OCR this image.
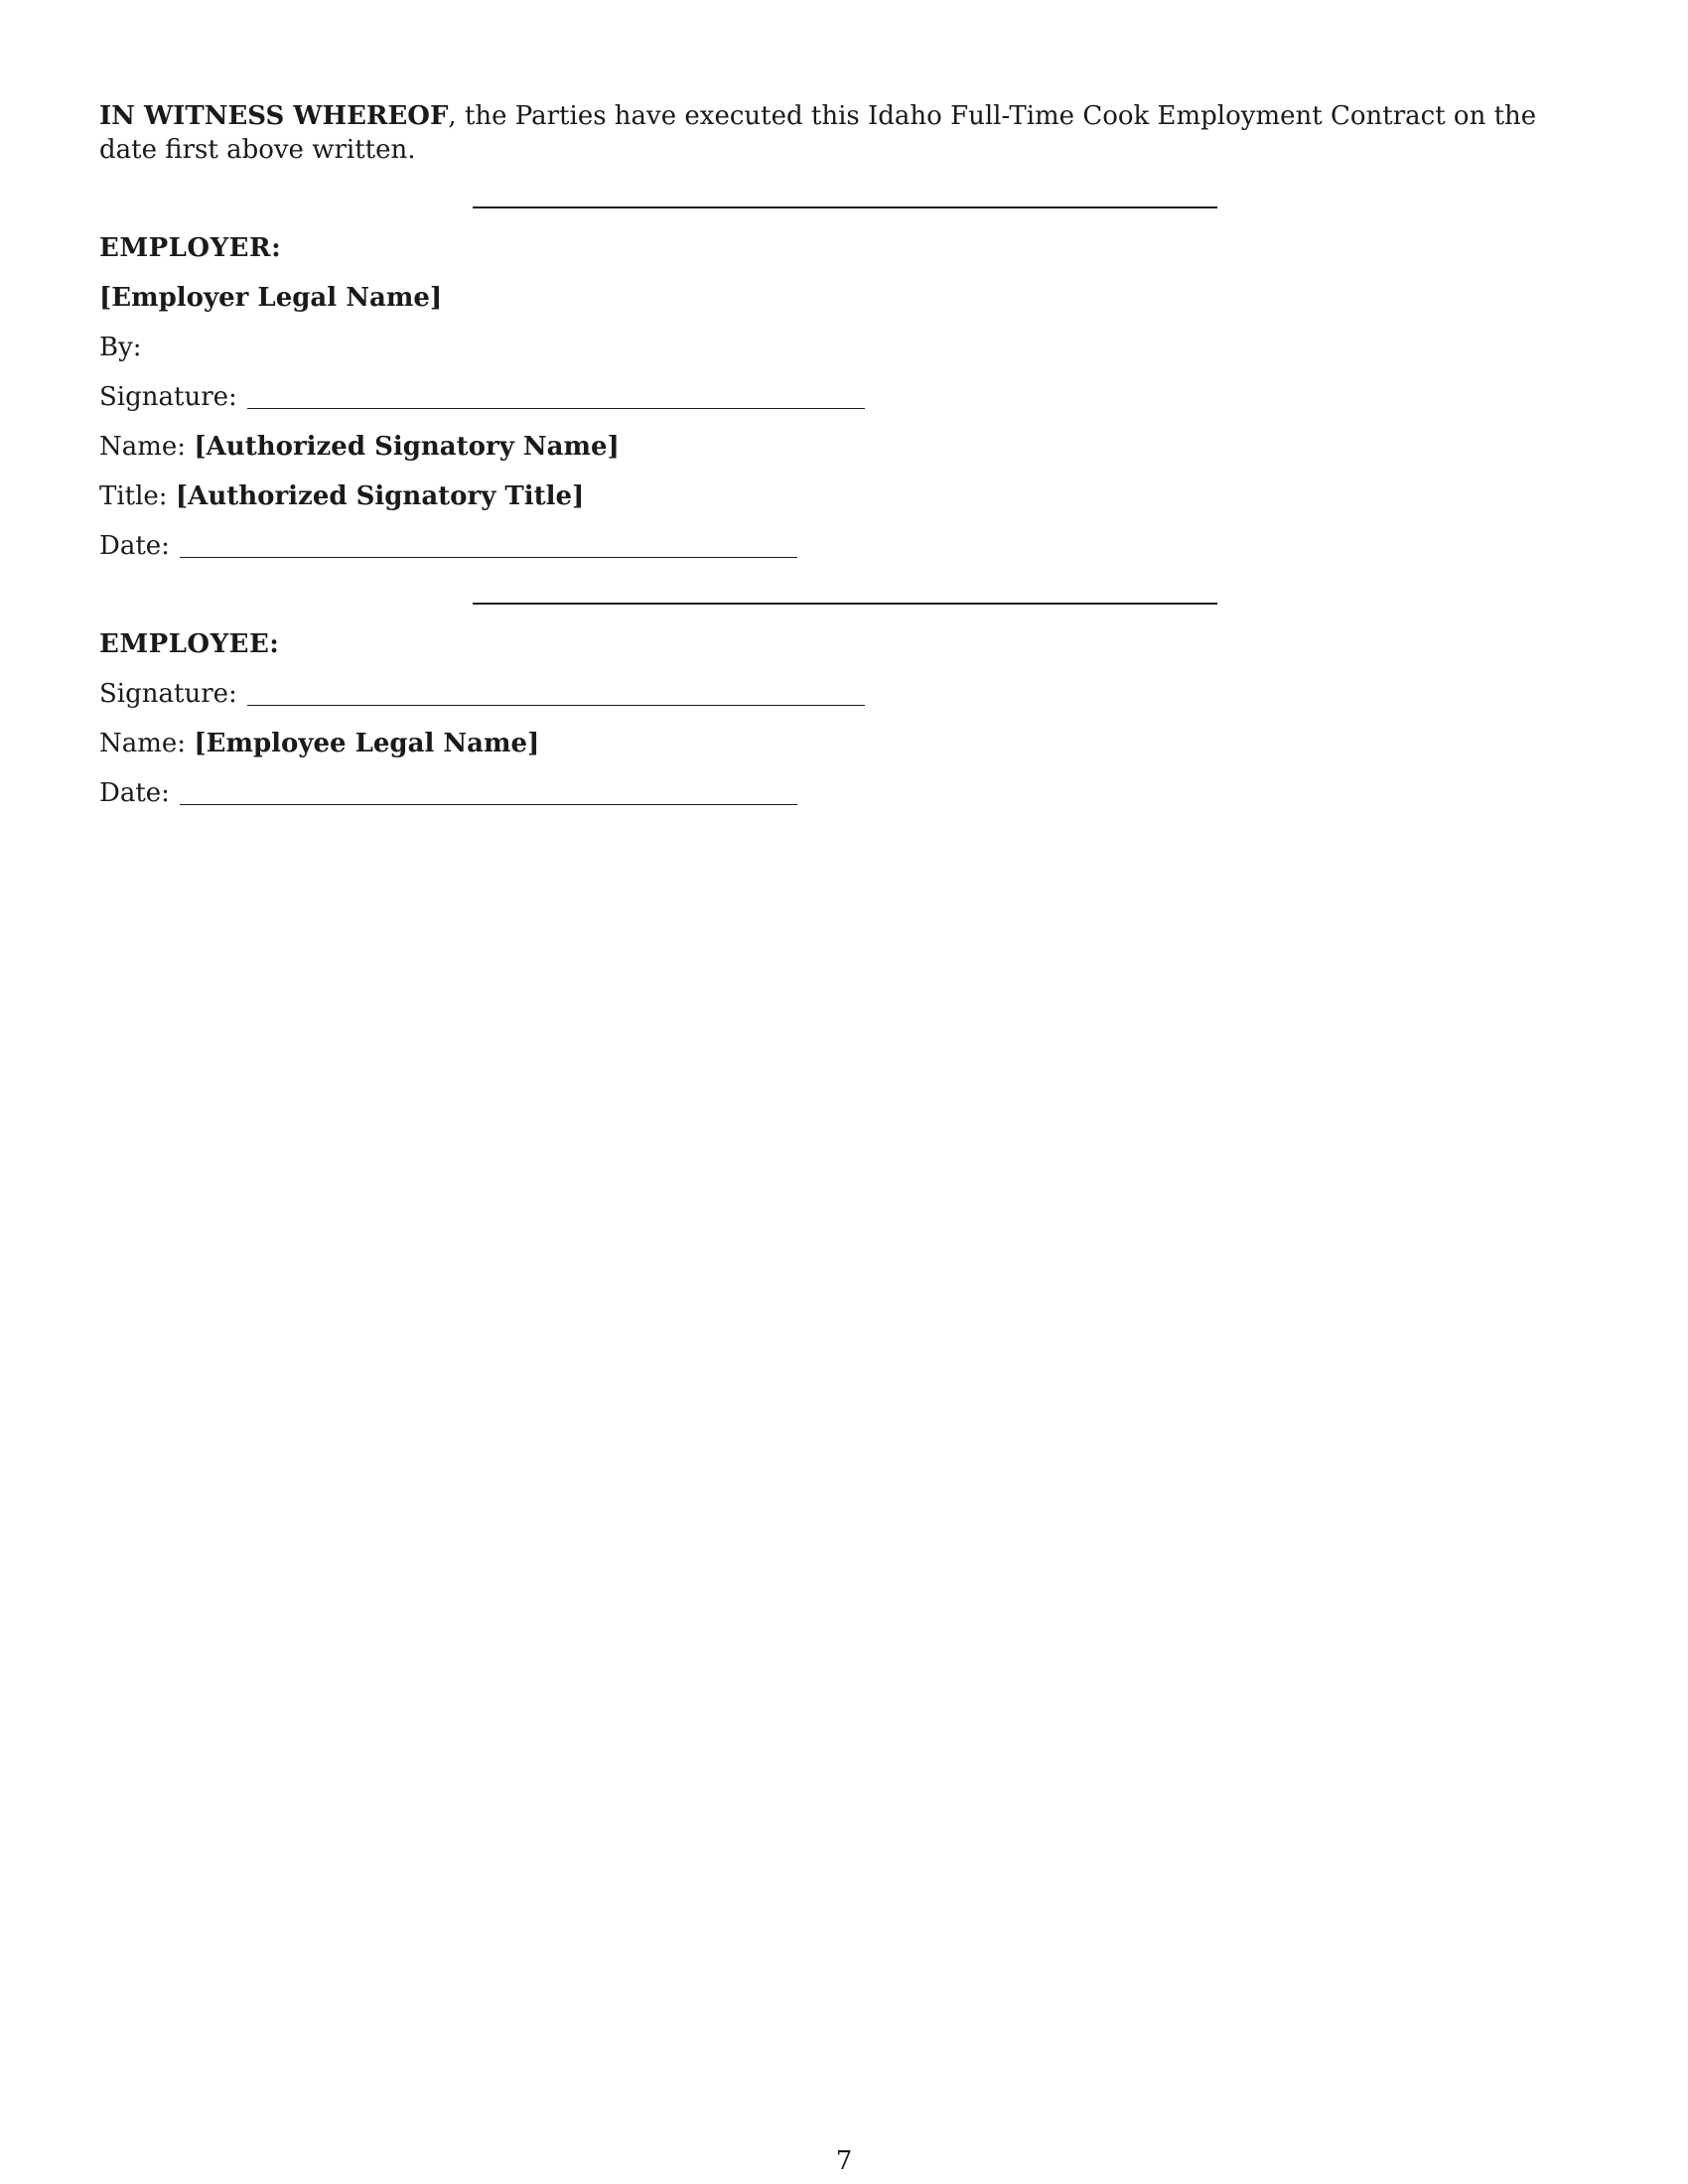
IN WITNESS WHEREOF, the Parties have executed this Idaho Full-Time Cook Employment Contract on the date first above written.
EMPLOYER:
[Employer Legal Name]
By:
Signature:
Name: [Authorized Signatory Name]
Title: [Authorized Signatory Title]
Date:
EMPLOYEE:
Signature:
Name: [Employee Legal Name]
Date:
7
